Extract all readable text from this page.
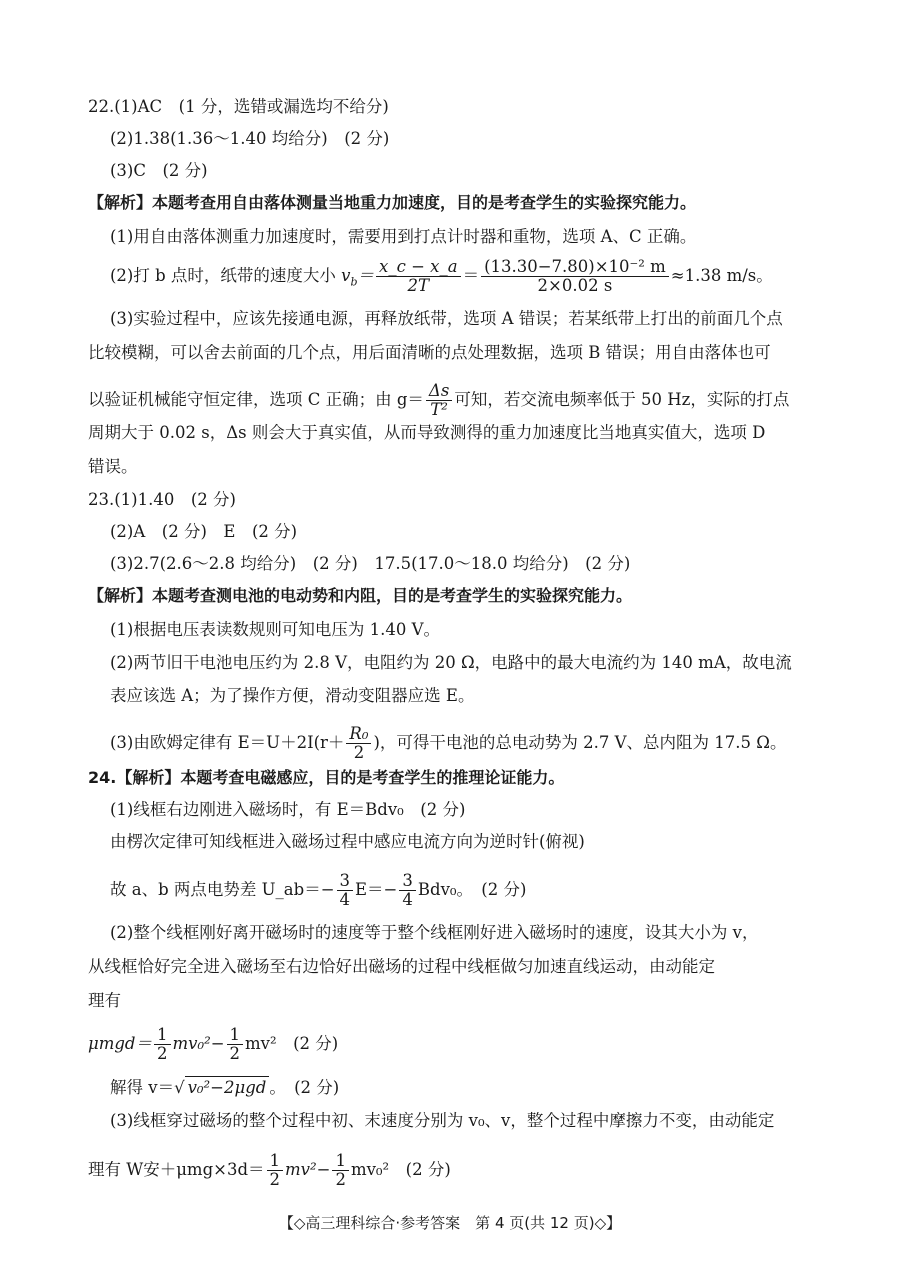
22.(1)AC　(1 分，选错或漏选均不给分)
(2)1.38(1.36～1.40 均给分)　(2 分)
(3)C　(2 分)
【解析】本题考查用自由落体测量当地重力加速度，目的是考查学生的实验探究能力。
(1)用自由落体测重力加速度时，需要用到打点计时器和重物，选项 A、C 正确。
(2)打 b 点时，纸带的速度大小 $v_b= \frac{x\_c - x\_a}{2T} = \frac{\text{(13.30−7.80)×10⁻² m}}{2\times 0.02 s} \approx 1.38$ m/s。
(3)实验过程中，应该先接通电源，再释放纸带，选项 A 错误；若某纸带上打出的前面几个点
比较模糊，可以舍去前面的几个点，用后面清晰的点处理数据，选项 B 错误；用自由落体也可
以验证机械能守恒定律，选项 C 正确；由 $g= \frac{\Delta s}{\text{T²}}$ 可知，若交流电频率低于 50 Hz，实际的打点
周期大于 0.02 s，Δs 则会大于真实值，从而导致测得的重力加速度比当地真实值大，选项 D
错误。
23.(1)1.40　(2 分)
(2)A　(2 分)　E　(2 分)
(3)2.7(2.6～2.8 均给分)　(2 分)　17.5(17.0～18.0 均给分)　(2 分)
【解析】本题考查测电池的电动势和内阻，目的是考查学生的实验探究能力。
(1)根据电压表读数规则可知电压为 1.40 V。
(2)两节旧干电池电压约为 2.8 V，电阻约为 20 Ω，电路中的最大电流约为 140 mA，故电流
表应该选 A；为了操作方便，滑动变阻器应选 E。
(3)由欧姆定律有 $E=U+2I(r+ \frac{\text{R₀}}{2}$ )，可得干电池的总电动势为 2.7 V、总内阻为 17.5 Ω。
24.【解析】本题考查电磁感应，目的是考查学生的推理论证能力。
(1)线框右边刚进入磁场时，有 E＝Bdv₀　(2 分)
由楞次定律可知线框进入磁场过程中感应电流方向为逆时针(俯视)
故 a、b 两点电势差 U_ab＝− $\frac{3}{4} E=- \frac{3}{4} Bdv_0$。　(2 分)
(2)整个线框刚好离开磁场时的速度等于整个线框刚好进入磁场时的速度，设其大小为 v，
从线框恰好完全进入磁场至右边恰好出磁场的过程中线框做匀加速直线运动，由动能定
理有
$\mu mgd= \frac{1}{2} mv_0^2- \frac{1}{2} mv^2$　(2 分)
解得 v＝√ v₀²−2μgd 。　(2 分)
(3)线框穿过磁场的整个过程中初、末速度分别为 v₀、v，整个过程中摩擦力不变，由动能定
理有 W安$+\mu mg\times 3d= \frac{1}{2} mv^2- \frac{1}{2} mv_0^2$　(2 分)
【◇高三理科综合·参考答案　第 4 页(共 12 页)◇】
